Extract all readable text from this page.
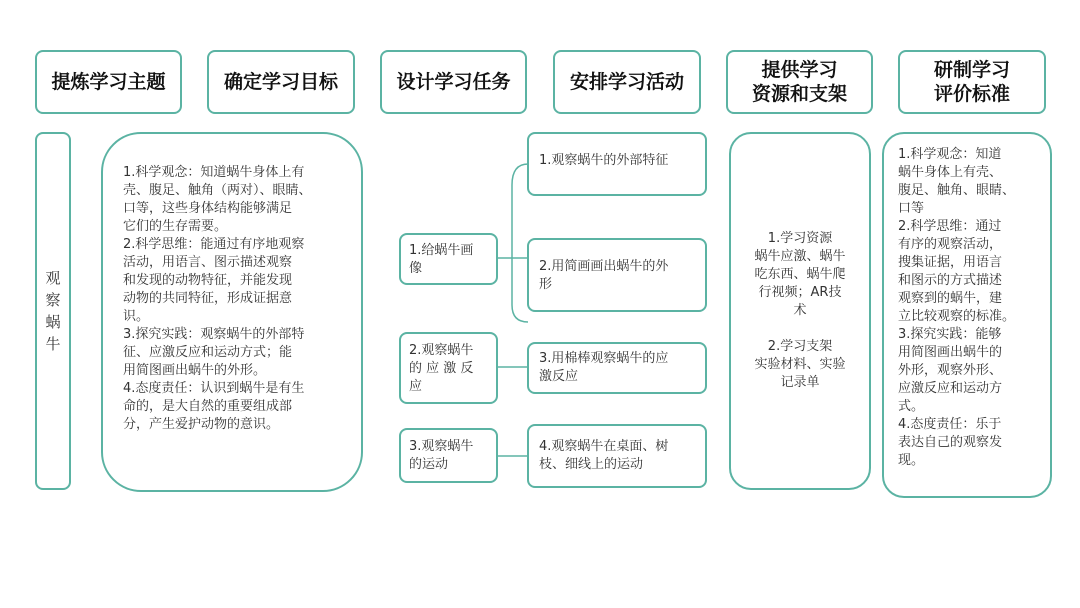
提炼学习主题	确定学习目标	设计学习任务	安排学习活动
提供学习
资源和支架
研制学习
评价标准
观
察
蜗
牛
1.科学观念：知道蜗牛身体上有
壳、腹足、触角（两对）、眼睛、
口等，这些身体结构能够满足
它们的生存需要。
2.科学思维：能通过有序地观察
活动，用语言、图示描述观察
和发现的动物特征，并能发现
动物的共同特征，形成证据意
识。
3.探究实践：观察蜗牛的外部特
征、应激反应和运动方式；能
用简图画出蜗牛的外形。
4.态度责任：认识到蜗牛是有生
命的，是大自然的重要组成部
分，产生爱护动物的意识。
1.给蜗牛画
像
2.观察蜗牛
的 应 激 反
应
3.观察蜗牛
的运动
1.观察蜗牛的外部特征
2.用简画画出蜗牛的外
形
3.用棉棒观察蜗牛的应
激反应
4.观察蜗牛在桌面、树
枝、细线上的运动
1.学习资源
蜗牛应激、蜗牛
吃东西、蜗牛爬
行视频；AR技
术

2.学习支架
实验材料、实验
记录单
1.科学观念：知道
蜗牛身体上有壳、
腹足、触角、眼睛、
口等
2.科学思维：通过
有序的观察活动，
搜集证据，用语言
和图示的方式描述
观察到的蜗牛，建
立比较观察的标准。
3.探究实践：能够
用简图画出蜗牛的
外形，观察外形、
应激反应和运动方
式。
4.态度责任：乐于
表达自己的观察发
现。
